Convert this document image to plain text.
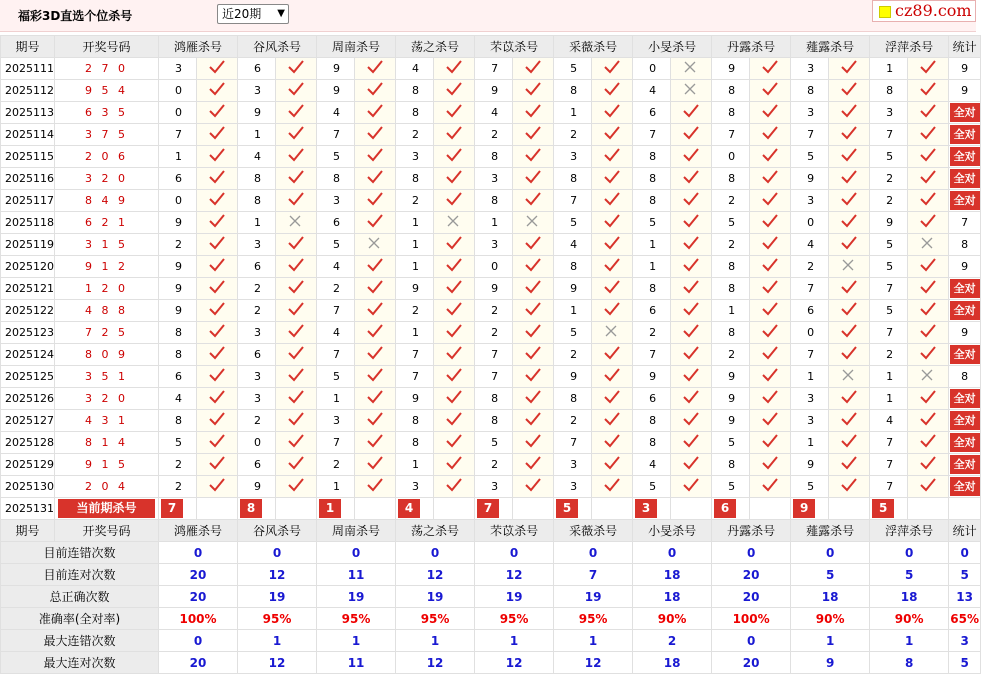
福彩3D直选个位杀号	近20期 ▼	cz89.com
期号	开奖号码	鸿雁杀号		谷风杀号		周南杀号		荡之杀号		芣苡杀号		采薇杀号		小旻杀号		丹露杀号		薤露杀号		浮萍杀号		统计
2025111	2 7 0	3		6		9		4		7		5		0		9		3		1		9
2025112	9 5 4	0		3		9		8		9		8		4		8		8		8		9
2025113	6 3 5	0		9		4		8		4		1		6		8		3		3		全对
2025114	3 7 5	7		1		7		2		2		2		7		7		7		7		全对
2025115	2 0 6	1		4		5		3		8		3		8		0		5		5		全对
2025116	3 2 0	6		8		8		8		3		8		8		8		9		2		全对
2025117	8 4 9	0		8		3		2		8		7		8		2		3		2		全对
2025118	6 2 1	9		1		6		1		1		5		5		5		0		9		7
2025119	3 1 5	2		3		5		1		3		4		1		2		4		5		8
2025120	9 1 2	9		6		4		1		0		8		1		8		2		5		9
2025121	1 2 0	9		2		2		9		9		9		8		8		7		7		全对
2025122	4 8 8	9		2		7		2		2		1		6		1		6		5		全对
2025123	7 2 5	8		3		4		1		2		5		2		8		0		7		9
2025124	8 0 9	8		6		7		7		7		2		7		2		7		2		全对
2025125	3 5 1	6		3		5		7		7		9		9		9		1		1		8
2025126	3 2 0	4		3		1		9		8		8		6		9		3		1		全对
2025127	4 3 1	8		2		3		8		8		2		8		9		3		4		全对
2025128	8 1 4	5		0		7		8		5		7		8		5		1		7		全对
2025129	9 1 5	2		6		2		1		2		3		4		8		9		7		全对
2025130	2 0 4	2		9		1		3		3		3		5		5		5		7		全对
2025131	当前期杀号	7		8		1		4		7		5		3		6		9		5		

期号	开奖号码	鸿雁杀号		谷风杀号		周南杀号		荡之杀号		芣苡杀号		采薇杀号		小旻杀号		丹露杀号		薤露杀号		浮萍杀号		统计
目前连错次数		0		0		0		0		0		0		0		0		0		0		0
目前连对次数		20		12		11		12		12		7		18		20		5		5		5
总正确次数		20		19		19		19		19		19		18		20		18		18		13
准确率(全对率)		100%		95%		95%		95%		95%		95%		90%		100%		90%		90%		65%
最大连错次数		0		1		1		1		1		1		2		0		1		1		3
最大连对次数		20		12		11		12		12		12		18		20		9		8		5
